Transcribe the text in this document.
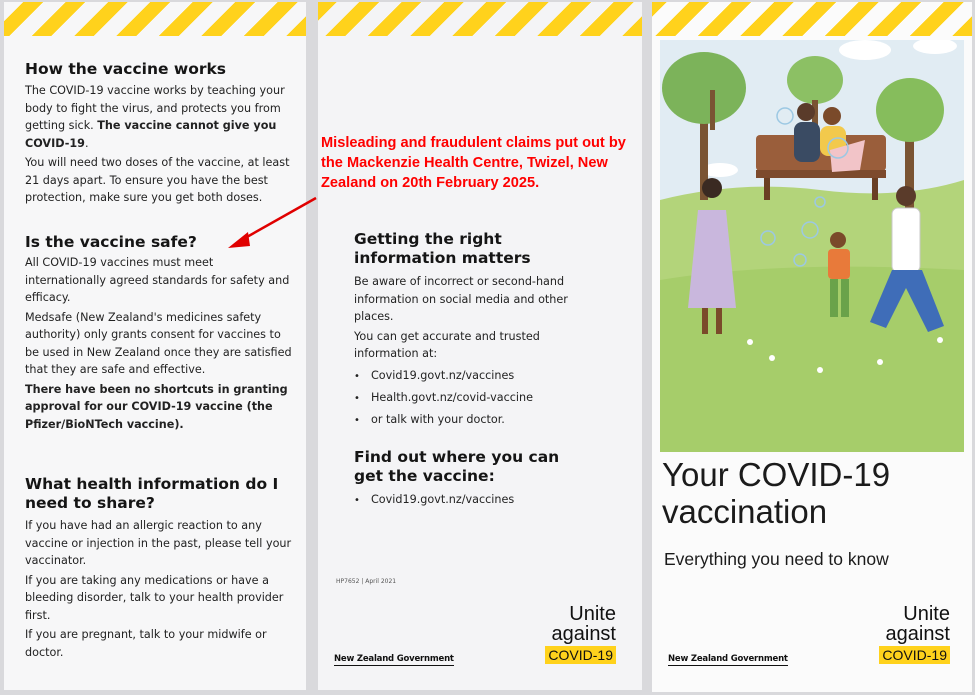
How the vaccine works

The COVID-19 vaccine works by teaching your body to fight the virus, and protects you from getting sick. The vaccine cannot give you COVID-19.

You will need two doses of the vaccine, at least 21 days apart. To ensure you have the best protection, make sure you get both doses.

Is the vaccine safe?

All COVID-19 vaccines must meet internationally agreed standards for safety and efficacy.

Medsafe (New Zealand's medicines safety authority) only grants consent for vaccines to be used in New Zealand once they are satisfied that they are safe and effective.

There have been no shortcuts in granting approval for our COVID-19 vaccine (the Pfizer/BioNTech vaccine).

What health information do I need to share?

If you have had an allergic reaction to any vaccine or injection in the past, please tell your vaccinator.

If you are taking any medications or have a bleeding disorder, talk to your health provider first.

If you are pregnant, talk to your midwife or doctor.

Getting the right information matters

Be aware of incorrect or second-hand information on social media and other places.

You can get accurate and trusted information at:

• Covid19.govt.nz/vaccines
• Health.govt.nz/covid-vaccine
• or talk with your doctor.
Find out where you can get the vaccine:
• Covid19.govt.nz/vaccines
HP7652 | April 2021
New Zealand Government
Unite
against
COVID-19
Your COVID-19 vaccination
Everything you need to know
New Zealand Government
Unite
against
COVID-19
Misleading and fraudulent claims put out by the Mackenzie Health Centre, Twizel, New Zealand on 20th February 2025.
